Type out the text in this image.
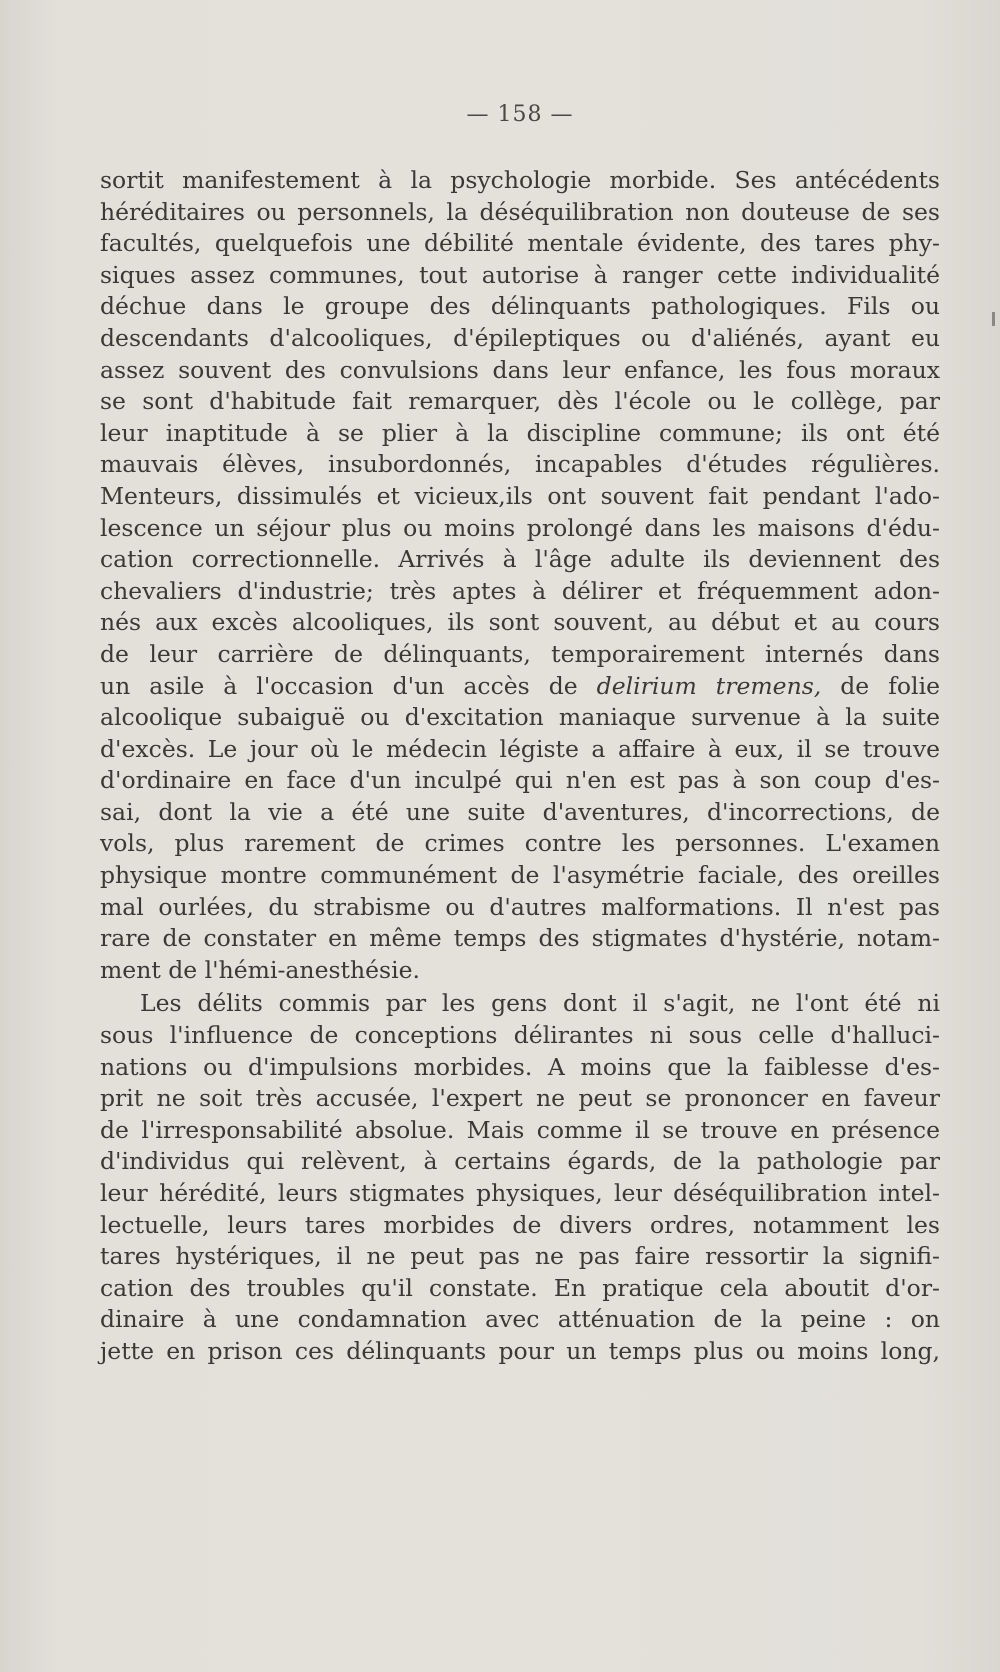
— 158 —
sortit manifestement à la psychologie morbide. Ses antécédents
héréditaires ou personnels, la déséquilibration non douteuse de ses
facultés, quelquefois une débilité mentale évidente, des tares phy-
siques assez communes, tout autorise à ranger cette individualité
déchue dans le groupe des délinquants pathologiques. Fils ou
descendants d'alcooliques, d'épileptiques ou d'aliénés, ayant eu
assez souvent des convulsions dans leur enfance, les fous moraux
se sont d'habitude fait remarquer, dès l'école ou le collège, par
leur inaptitude à se plier à la discipline commune; ils ont été
mauvais élèves, insubordonnés, incapables d'études régulières.
Menteurs, dissimulés et vicieux,ils ont souvent fait pendant l'ado-
lescence un séjour plus ou moins prolongé dans les maisons d'édu-
cation correctionnelle. Arrivés à l'âge adulte ils deviennent des
chevaliers d'industrie; très aptes à délirer et fréquemment adon-
nés aux excès alcooliques, ils sont souvent, au début et au cours
de leur carrière de délinquants, temporairement internés dans
un asile à l'occasion d'un accès de delirium tremens, de folie
alcoolique subaiguë ou d'excitation maniaque survenue à la suite
d'excès. Le jour où le médecin légiste a affaire à eux, il se trouve
d'ordinaire en face d'un inculpé qui n'en est pas à son coup d'es-
sai, dont la vie a été une suite d'aventures, d'incorrections, de
vols, plus rarement de crimes contre les personnes. L'examen
physique montre communément de l'asymétrie faciale, des oreilles
mal ourlées, du strabisme ou d'autres malformations. Il n'est pas
rare de constater en même temps des stigmates d'hystérie, notam-
ment de l'hémi-anesthésie.
Les délits commis par les gens dont il s'agit, ne l'ont été ni
sous l'influence de conceptions délirantes ni sous celle d'halluci-
nations ou d'impulsions morbides. A moins que la faiblesse d'es-
prit ne soit très accusée, l'expert ne peut se prononcer en faveur
de l'irresponsabilité absolue. Mais comme il se trouve en présence
d'individus qui relèvent, à certains égards, de la pathologie par
leur hérédité, leurs stigmates physiques, leur déséquilibration intel-
lectuelle, leurs tares morbides de divers ordres, notamment les
tares hystériques, il ne peut pas ne pas faire ressortir la signifi-
cation des troubles qu'il constate. En pratique cela aboutit d'or-
dinaire à une condamnation avec atténuation de la peine : on
jette en prison ces délinquants pour un temps plus ou moins long,
